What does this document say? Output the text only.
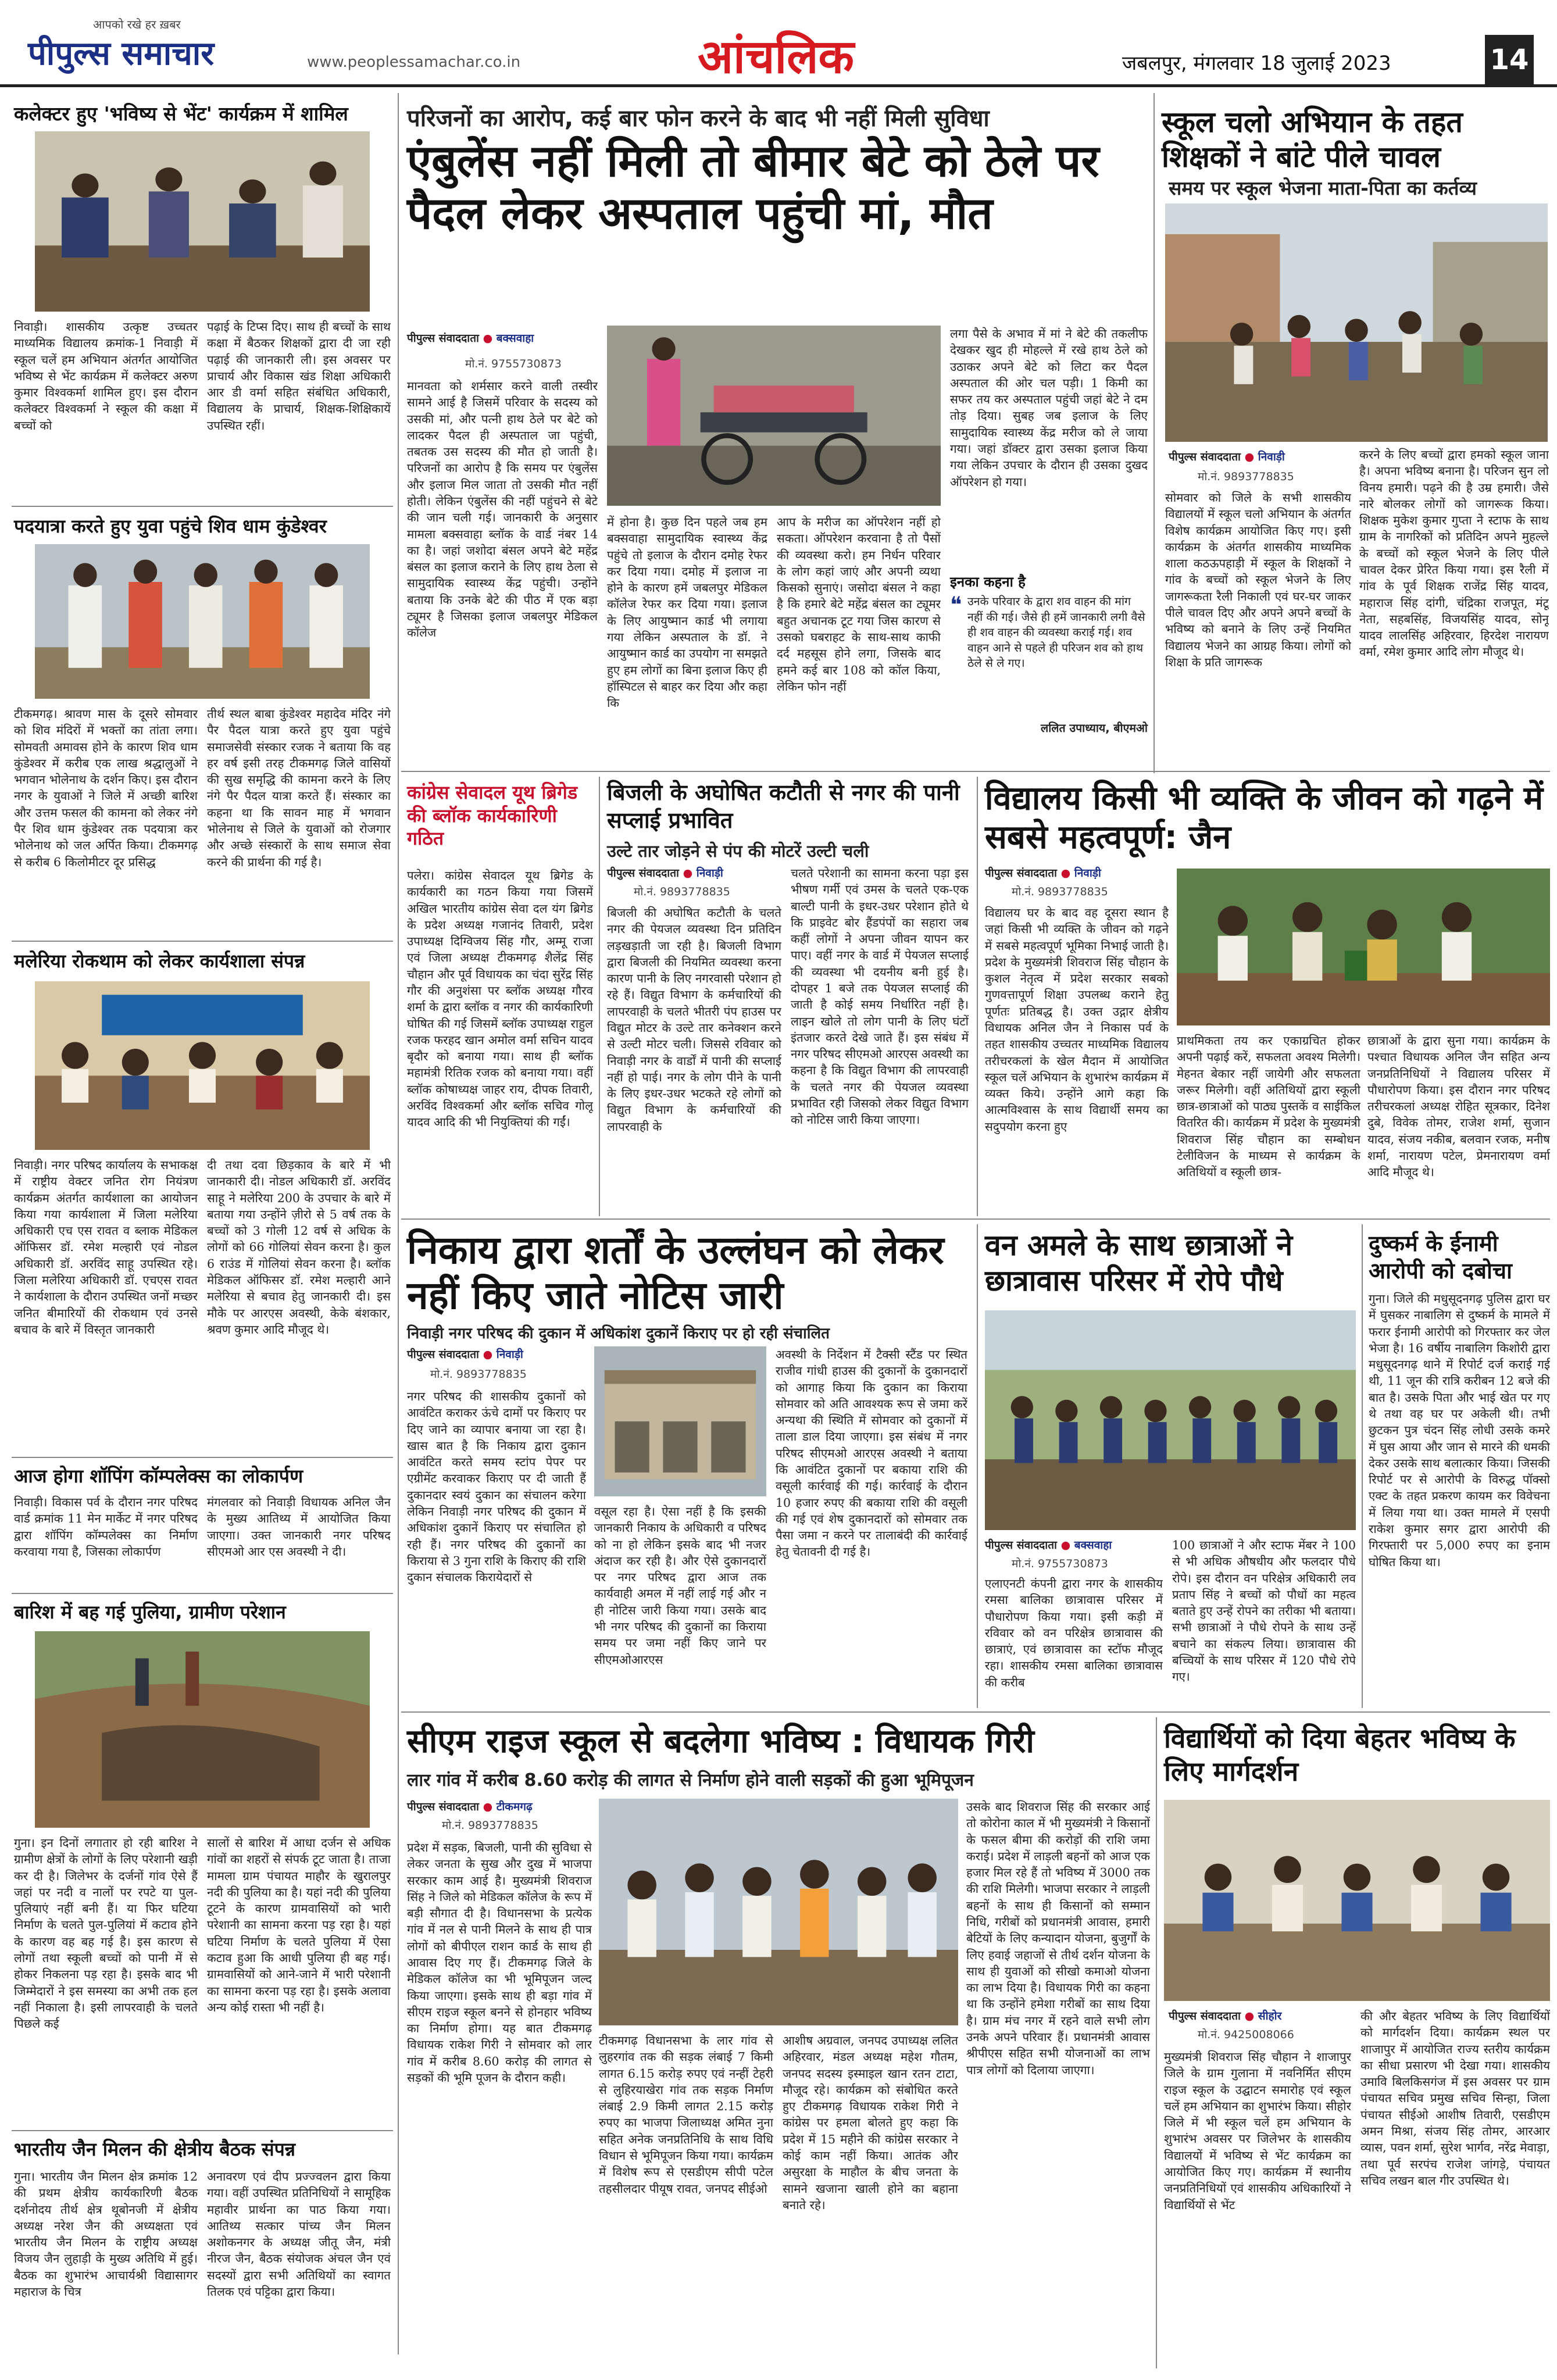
आपको रखे हर ख़बर
पीपुल्स समाचार	www.peoplessamachar.co.in	आंचलिक	जबलपुर, मंगलवार 18 जुलाई 2023	14
कलेक्टर हुए 'भविष्य से भेंट' कार्यक्रम में शामिल
निवाड़ी। शासकीय उत्कृष्ट उच्चतर माध्यमिक विद्यालय क्रमांक-1 निवाड़ी में स्कूल चलें हम अभियान अंतर्गत आयोजित भविष्य से भेंट कार्यक्रम में कलेक्टर अरुण कुमार विश्वकर्मा शामिल हुए। इस दौरान कलेक्टर विश्वकर्मा ने स्कूल की कक्षा में बच्चों को
पढ़ाई के टिप्स दिए। साथ ही बच्चों के साथ कक्षा में बैठकर शिक्षकों द्वारा दी जा रही पढ़ाई की जानकारी ली। इस अवसर पर प्राचार्य और विकास खंड शिक्षा अधिकारी आर डी वर्मा सहित संबंधित अधिकारी, विद्यालय के प्राचार्य, शिक्षक-शिक्षिकायें उपस्थित रहीं।
पदयात्रा करते हुए युवा पहुंचे शिव धाम कुंडेश्वर
टीकमगढ़। श्रावण मास के दूसरे सोमवार को शिव मंदिरों में भक्तों का तांता लगा। सोमवती अमावस होने के कारण शिव धाम कुंडेश्वर में करीब एक लाख श्रद्धालुओं ने भगवान भोलेनाथ के दर्शन किए। इस दौरान नगर के युवाओं ने जिले में अच्छी बारिश और उत्तम फसल की कामना को लेकर नंगे पैर शिव धाम कुंडेश्वर तक पदयात्रा कर भोलेनाथ को जल अर्पित किया। टीकमगढ़ से करीब 6 किलोमीटर दूर प्रसिद्ध
तीर्थ स्थल बाबा कुंडेश्वर महादेव मंदिर नंगे पैर पैदल यात्रा करते हुए युवा पहुंचे समाजसेवी संस्कार रजक ने बताया कि वह हर वर्ष इसी तरह टीकमगढ़ जिले वासियों की सुख समृद्धि की कामना करने के लिए नंगे पैर पैदल यात्रा करते हैं। संस्कार का कहना था कि सावन माह में भगवान भोलेनाथ से जिले के युवाओं को रोजगार और अच्छे संस्कारों के साथ समाज सेवा करने की प्रार्थना की गई है।
मलेरिया रोकथाम को लेकर कार्यशाला संपन्न
निवाड़ी। नगर परिषद कार्यालय के सभाकक्ष में राष्ट्रीय वेक्टर जनित रोग नियंत्रण कार्यक्रम अंतर्गत कार्यशाला का आयोजन किया गया कार्यशाला में जिला मलेरिया अधिकारी एच एस रावत व ब्लाक मेडिकल ऑफिसर डॉ. रमेश मल्हारी एवं नोडल अधिकारी डॉ. अरविंद साहू उपस्थित रहे। जिला मलेरिया अधिकारी डॉ. एचएस रावत ने कार्यशाला के दौरान उपस्थित जनों मच्छर जनित बीमारियों की रोकथाम एवं उनसे बचाव के बारे में विस्तृत जानकारी
दी तथा दवा छिड़काव के बारे में भी जानकारी दी। नोडल अधिकारी डॉ. अरविंद साहू ने मलेरिया 200 के उपचार के बारे में बताया गया उन्होंने ज़ीरो से 5 वर्ष तक के बच्चों को 3 गोली 12 वर्ष से अधिक के लोगों को 66 गोलियां सेवन करना है। कुल 6 राउंड में गोलियां सेवन करना है। ब्लॉक मेडिकल ऑफिसर डॉ. रमेश मल्हारी आने मलेरिया से बचाव हेतु जानकारी दी। इस मौके पर आरएस अवस्थी, केके बंशकार, श्रवण कुमार आदि मौजूद थे।
आज होगा शॉपिंग कॉम्पलेक्स का लोकार्पण
निवाड़ी। विकास पर्व के दौरान नगर परिषद वार्ड क्रमांक 11 मेन मार्केट में नगर परिषद द्वारा शॉपिंग कॉम्पलेक्स का निर्माण करवाया गया है, जिसका लोकार्पण
मंगलवार को निवाड़ी विधायक अनिल जैन के मुख्य आतिथ्य में आयोजित किया जाएगा। उक्त जानकारी नगर परिषद सीएमओ आर एस अवस्थी ने दी।
बारिश में बह गई पुलिया, ग्रामीण परेशान
गुना। इन दिनों लगातार हो रही बारिश ने ग्रामीण क्षेत्रों के लोगों के लिए परेशानी खड़ी कर दी है। जिलेभर के दर्जनों गांव ऐसे हैं जहां पर नदी व नालों पर रपटे या पुल-पुलियाएं नहीं बनी हैं। या फिर घटिया निर्माण के चलते पुल-पुलियां में कटाव होने के कारण वह बह गई है। इस कारण से लोगों तथा स्कूली बच्चों को पानी में से होकर निकलना पड़ रहा है। इसके बाद भी जिम्मेदारों ने इस समस्या का अभी तक हल नहीं निकाला है। इसी लापरवाही के चलते पिछले कई
सालों से बारिश में आधा दर्जन से अधिक गांवों का शहरों से संपर्क टूट जाता है। ताजा मामला ग्राम पंचायत माहौर के खुरालपुर नदी की पुलिया का है। यहां नदी की पुलिया टूटने के कारण ग्रामवासियों को भारी परेशानी का सामना करना पड़ रहा है। यहां घटिया निर्माण के चलते पुलिया में ऐसा कटाव हुआ कि आधी पुलिया ही बह गई। ग्रामवासियों को आने-जाने में भारी परेशानी का सामना करना पड़ रहा है। इसके अलावा अन्य कोई रास्ता भी नहीं है।
भारतीय जैन मिलन की क्षेत्रीय बैठक संपन्न
गुना। भारतीय जैन मिलन क्षेत्र क्रमांक 12 की प्रथम क्षेत्रीय कार्यकारिणी बैठक दर्शनोदय तीर्थ क्षेत्र थूबोनजी में क्षेत्रीय अध्यक्ष नरेश जैन की अध्यक्षता एवं भारतीय जैन मिलन के राष्ट्रीय अध्यक्ष विजय जैन लुहाड़ी के मुख्य अतिथि में हुई। बैठक का शुभारंभ आचार्यश्री विद्यासागर महाराज के चित्र
अनावरण एवं दीप प्रज्ज्वलन द्वारा किया गया। वहीं उपस्थित प्रतिनिधियों ने सामूहिक महावीर प्रार्थना का पाठ किया गया। आतिथ्य सत्कार पांच्य जैन मिलन अशोकनगर के अध्यक्ष जीतू जैन, मंत्री नीरज जैन, बैठक संयोजक अंचल जैन एवं सदस्यों द्वारा सभी अतिथियों का स्वागत तिलक एवं पट्टिका द्वारा किया।
परिजनों का आरोप, कई बार फोन करने के बाद भी नहीं मिली सुविधा
एंबुलेंस नहीं मिली तो बीमार बेटे को ठेले पर पैदल लेकर अस्पताल पहुंची मां, मौत
पीपुल्स संवाददाता ● बक्सवाहा
मो.नं. 9755730873
मानवता को शर्मसार करने वाली तस्वीर सामने आई है जिसमें परिवार के सदस्य को उसकी मां, और पत्नी हाथ ठेले पर बेटे को लादकर पैदल ही अस्पताल जा पहुंची, तबतक उस सदस्य की मौत हो जाती है। परिजनों का आरोप है कि समय पर एंबुलेंस और इलाज मिल जाता तो उसकी मौत नहीं होती। लेकिन एंबुलेंस की नहीं पहुंचने से बेटे की जान चली गई। जानकारी के अनुसार मामला बक्सवाहा ब्लॉक के वार्ड नंबर 14 का है। जहां जशोदा बंसल अपने बेटे महेंद्र बंसल का इलाज कराने के लिए हाथ ठेला से सामुदायिक स्वास्थ्य केंद्र पहुंची। उन्होंने बताया कि उनके बेटे की पीठ में एक बड़ा ट्यूमर है जिसका इलाज जबलपुर मेडिकल कॉलेज
में होना है। कुछ दिन पहले जब हम बक्सवाहा सामुदायिक स्वास्थ्य केंद्र पहुंचे तो इलाज के दौरान दमोह रेफर कर दिया गया। दमोह में इलाज ना होने के कारण हमें जबलपुर मेडिकल कॉलेज रेफर कर दिया गया। इलाज के लिए आयुष्मान कार्ड भी लगाया गया लेकिन अस्पताल के डॉ. ने आयुष्मान कार्ड का उपयोग ना समझते हुए हम लोगों का बिना इलाज किए ही हॉस्पिटल से बाहर कर दिया और कहा कि
आप के मरीज का ऑपरेशन नहीं हो सकता। ऑपरेशन करवाना है तो पैसों की व्यवस्था करो। हम निर्धन परिवार के लोग कहां जाएं और अपनी व्यथा किसको सुनाएं। जसोदा बंसल ने कहा है कि हमारे बेटे महेंद्र बंसल का ट्यूमर बहुत अचानक टूट गया जिस कारण से उसको घबराहट के साथ-साथ काफी दर्द महसूस होने लगा, जिसके बाद हमने कई बार 108 को कॉल किया, लेकिन फोन नहीं
लगा पैसे के अभाव में मां ने बेटे की तकलीफ देखकर खुद ही मोहल्ले में रखे हाथ ठेले को उठाकर अपने बेटे को लिटा कर पैदल अस्पताल की ओर चल पड़ी। 1 किमी का सफर तय कर अस्पताल पहुंची जहां बेटे ने दम तोड़ दिया। सुबह जब इलाज के लिए सामुदायिक स्वास्थ्य केंद्र मरीज को ले जाया गया। जहां डॉक्टर द्वारा उसका इलाज किया गया लेकिन उपचार के दौरान ही उसका दुखद ऑपरेशन हो गया।
इनका कहना है
❝ उनके परिवार के द्वारा शव वाहन की मांग नहीं की गई। जैसे ही हमें जानकारी लगी वैसे ही शव वाहन की व्यवस्था कराई गई। शव वाहन आने से पहले ही परिजन शव को हाथ ठेले से ले गए।
ललित उपाध्याय, बीएमओ
स्कूल चलो अभियान के तहत शिक्षकों ने बांटे पीले चावल
समय पर स्कूल भेजना माता-पिता का कर्तव्य
पीपुल्स संवाददाता ● निवाड़ी
मो.नं. 9893778835
सोमवार को जिले के सभी शासकीय विद्यालयों में स्कूल चलो अभियान के अंतर्गत विशेष कार्यक्रम आयोजित किए गए। इसी कार्यक्रम के अंतर्गत शासकीय माध्यमिक शाला कठऊपहाड़ी में स्कूल के शिक्षकों ने गांव के बच्चों को स्कूल भेजने के लिए जागरूकता रैली निकाली एवं घर-घर जाकर पीले चावल दिए और अपने अपने बच्चों के भविष्य को बनाने के लिए उन्हें नियमित विद्यालय भेजने का आग्रह किया। लोगों को शिक्षा के प्रति जागरूक
करने के लिए बच्चों द्वारा हमको स्कूल जाना है। अपना भविष्य बनाना है। परिजन सुन लो विनय हमारी। पढ़ने की है उम्र हमारी। जैसे नारे बोलकर लोगों को जागरूक किया। शिक्षक मुकेश कुमार गुप्ता ने स्टाफ के साथ ग्राम के नागरिकों को प्रतिदिन अपने मुहल्ले के बच्चों को स्कूल भेजने के लिए पीले चावल देकर प्रेरित किया गया। इस रैली में गांव के पूर्व शिक्षक राजेंद्र सिंह यादव, महाराज सिंह दांगी, चंद्रिका राजपूत, मंटू नेता, सहबसिंह, विजयसिंह यादव, सोनू यादव लालसिंह अहिरवार, हिरदेश नारायण वर्मा, रमेश कुमार आदि लोग मौजूद थे।
कांग्रेस सेवादल यूथ ब्रिगेड की ब्लॉक कार्यकारिणी गठित
पलेरा। कांग्रेस सेवादल यूथ ब्रिगेड के कार्यकारी का गठन किया गया जिसमें अखिल भारतीय कांग्रेस सेवा दल यंग ब्रिगेड के प्रदेश अध्यक्ष गजानंद तिवारी, प्रदेश उपाध्यक्ष दिग्विजय सिंह गौर, अम्मू राजा एवं जिला अध्यक्ष टीकमगढ़ शैलेंद्र सिंह चौहान और पूर्व विधायक का चंदा सुरेंद्र सिंह गौर की अनुशंसा पर ब्लॉक अध्यक्ष गौरव शर्मा के द्वारा ब्लॉक व नगर की कार्यकारिणी घोषित की गई जिसमें ब्लॉक उपाध्यक्ष राहुल रजक फरहद खान अमोल वर्मा सचिन यादव बृदौर को बनाया गया। साथ ही ब्लॉक महामंत्री रितिक रजक को बनाया गया। वहीं ब्लॉक कोषाध्यक्ष जाहर राय, दीपक तिवारी, अरविंद विश्वकर्मा और ब्लॉक सचिव गोलू यादव आदि की भी नियुक्तियां की गईं।
बिजली के अघोषित कटौती से नगर की पानी सप्लाई प्रभावित
उल्टे तार जोड़ने से पंप की मोटरें उल्टी चली
पीपुल्स संवाददाता ● निवाड़ी
मो.नं. 9893778835
बिजली की अघोषित कटौती के चलते नगर की पेयजल व्यवस्था दिन प्रतिदिन लड़खड़ाती जा रही है। बिजली विभाग द्वारा बिजली की नियमित व्यवस्था करना कारण पानी के लिए नगरवासी परेशान हो रहे हैं। विद्युत विभाग के कर्मचारियों की लापरवाही के चलते भीतरी पंप हाउस पर विद्युत मोटर के उल्टे तार कनेक्शन करने से उल्टी मोटर चली। जिससे रविवार को निवाड़ी नगर के वार्डों में पानी की सप्लाई नहीं हो पाई। नगर के लोग पीने के पानी के लिए इधर-उधर भटकते रहे लोगों को विद्युत विभाग के कर्मचारियों की लापरवाही के
चलते परेशानी का सामना करना पड़ा इस भीषण गर्मी एवं उमस के चलते एक-एक बाल्टी पानी के इधर-उधर परेशान होते थे कि प्राइवेट बोर हैंडपंपों का सहारा जब कहीं लोगों ने अपना जीवन यापन कर पाए। वहीं नगर के वार्ड में पेयजल सप्लाई की व्यवस्था भी दयनीय बनी हुई है। दोपहर 1 बजे तक पेयजल सप्लाई की जाती है कोई समय निर्धारित नहीं है। लाइन खोले तो लोग पानी के लिए घंटों इंतजार करते देखे जाते हैं। इस संबंध में नगर परिषद सीएमओ आरएस अवस्थी का कहना है कि विद्युत विभाग की लापरवाही के चलते नगर की पेयजल व्यवस्था प्रभावित रही जिसको लेकर विद्युत विभाग को नोटिस जारी किया जाएगा।
विद्यालय किसी भी व्यक्ति के जीवन को गढ़ने में सबसे महत्वपूर्ण: जैन
पीपुल्स संवाददाता ● निवाड़ी
मो.नं. 9893778835
विद्यालय घर के बाद वह दूसरा स्थान है जहां किसी भी व्यक्ति के जीवन को गढ़ने में सबसे महत्वपूर्ण भूमिका निभाई जाती है। प्रदेश के मुख्यमंत्री शिवराज सिंह चौहान के कुशल नेतृत्व में प्रदेश सरकार सबको गुणवत्तापूर्ण शिक्षा उपलब्ध कराने हेतु पूर्णतः प्रतिबद्ध है। उक्त उद्गार क्षेत्रीय विधायक अनिल जैन ने निकास पर्व के तहत शासकीय उच्चतर माध्यमिक विद्यालय तरीचरकलां के खेल मैदान में आयोजित स्कूल चलें अभियान के शुभारंभ कार्यक्रम में व्यक्त किये। उन्होंने आगे कहा कि आत्मविश्वास के साथ विद्यार्थी समय का सदुपयोग करना हुए
प्राथमिकता तय कर एकाग्रचित होकर अपनी पढ़ाई करें, सफलता अवश्य मिलेगी। मेहनत बेकार नहीं जायेगी और सफलता जरूर मिलेगी। वहीं अतिथियों द्वारा स्कूली छात्र-छात्राओं को पाठ्य पुस्तकें व साईकिल वितरित की। कार्यक्रम में प्रदेश के मुख्यमंत्री शिवराज सिंह चौहान का सम्बोधन टेलीविजन के माध्यम से कार्यक्रम के अतिथियों व स्कूली छात्र-
छात्राओं के द्वारा सुना गया। कार्यक्रम के पश्चात विधायक अनिल जैन सहित अन्य जनप्रतिनिधियों ने विद्यालय परिसर में पौधारोपण किया। इस दौरान नगर परिषद तरीचरकलां अध्यक्ष रोहित सूत्रकार, दिनेश दुबे, विवेक तोमर, राजेश शर्मा, सुजान यादव, संजय नकीब, बलवान रजक, मनीष शर्मा, नारायण पटेल, प्रेमनारायण वर्मा आदि मौजूद थे।
निकाय द्वारा शर्तों के उल्लंघन को लेकर नहीं किए जाते नोटिस जारी
निवाड़ी नगर परिषद की दुकान में अधिकांश दुकानें किराए पर हो रही संचालित
पीपुल्स संवाददाता ● निवाड़ी
मो.नं. 9893778835
नगर परिषद की शासकीय दुकानों को आवंटित कराकर ऊंचे दामों पर किराए पर दिए जाने का व्यापार बनाया जा रहा है। खास बात है कि निकाय द्वारा दुकान आवंटित करते समय स्टांप पेपर पर एग्रीमेंट करवाकर किराए पर दी जाती हैं दुकानदार स्वयं दुकान का संचालन करेगा लेकिन निवाड़ी नगर परिषद की दुकान में अधिकांश दुकानें किराए पर संचालित हो रही हैं। नगर परिषद की दुकानों का किराया से 3 गुना राशि के किराए की राशि दुकान संचालक किरायेदारों से
वसूल रहा है। ऐसा नहीं है कि इसकी जानकारी निकाय के अधिकारी व परिषद को ना हो लेकिन इसके बाद भी नजर अंदाज कर रही है। और ऐसे दुकानदारों पर नगर परिषद द्वारा आज तक कार्यवाही अमल में नहीं लाई गई और न ही नोटिस जारी किया गया। उसके बाद भी नगर परिषद की दुकानों का किराया समय पर जमा नहीं किए जाने पर सीएमओआरएस
अवस्थी के निर्देशन में टैक्सी स्टैंड पर स्थित राजीव गांधी हाउस की दुकानों के दुकानदारों को आगाह किया कि दुकान का किराया सोमवार को अति आवश्यक रूप से जमा करें अन्यथा की स्थिति में सोमवार को दुकानों में ताला डाल दिया जाएगा। इस संबंध में नगर परिषद सीएमओ आरएस अवस्थी ने बताया कि आवंटित दुकानों पर बकाया राशि की वसूली कार्रवाई की गई। कार्रवाई के दौरान 10 हजार रुपए की बकाया राशि की वसूली की गई एवं शेष दुकानदारों को सोमवार तक पैसा जमा न करने पर तालाबंदी की कार्रवाई हेतु चेतावनी दी गई है।
वन अमले के साथ छात्राओं ने छात्रावास परिसर में रोपे पौधे
पीपुल्स संवाददाता ● बक्सवाहा
मो.नं. 9755730873
एलाएनटी कंपनी द्वारा नगर के शासकीय रमसा बालिका छात्रावास परिसर में पौधारोपण किया गया। इसी कड़ी में रविवार को वन परिक्षेत्र छात्रावास की छात्राएं, एवं छात्रावास का स्टॉफ मौजूद रहा। शासकीय रमसा बालिका छात्रावास की करीब
100 छात्राओं ने और स्टाफ मेंबर ने 100 से भी अधिक औषधीय और फलदार पौधे रोपे। इस दौरान वन परिक्षेत्र अधिकारी लव प्रताप सिंह ने बच्चों को पौधों का महत्व बताते हुए उन्हें रोपने का तरीका भी बताया। सभी छात्राओं ने पौधे रोपने के साथ उन्हें बचाने का संकल्प लिया। छात्रावास की बच्चियों के साथ परिसर में 120 पौधे रोपे गए।
दुष्कर्म के ईनामी आरोपी को दबोचा
गुना। जिले की मधुसूदनगढ़ पुलिस द्वारा घर में घुसकर नाबालिग से दुष्कर्म के मामले में फरार ईनामी आरोपी को गिरफ्तार कर जेल भेजा है। 16 वर्षीय नाबालिग किशोरी द्वारा मधुसूदनगढ़ थाने में रिपोर्ट दर्ज कराई गई थी, 11 जून की रात्रि करीबन 12 बजे की बात है। उसके पिता और भाई खेत पर गए थे तथा वह घर पर अकेली थी। तभी छुटकन पुत्र चंदन सिंह लोधी उसके कमरे में घुस आया और जान से मारने की धमकी देकर उसके साथ बलात्कार किया। जिसकी रिपोर्ट पर से आरोपी के विरुद्ध पॉक्सो एक्ट के तहत प्रकरण कायम कर विवेचना में लिया गया था। उक्त मामले में एसपी राकेश कुमार सगर द्वारा आरोपी की गिरफ्तारी पर 5,000 रुपए का इनाम घोषित किया था।
सीएम राइज स्कूल से बदलेगा भविष्य : विधायक गिरी
लार गांव में करीब 8.60 करोड़ की लागत से निर्माण होने वाली सड़कों की हुआ भूमिपूजन
पीपुल्स संवाददाता ● टीकमगढ़
मो.नं. 9893778835
प्रदेश में सड़क, बिजली, पानी की सुविधा से लेकर जनता के सुख और दुख में भाजपा सरकार काम आई है। मुख्यमंत्री शिवराज सिंह ने जिले को मेडिकल कॉलेज के रूप में बड़ी सौगात दी है। विधानसभा के प्रत्येक गांव में नल से पानी मिलने के साथ ही पात्र लोगों को बीपीएल राशन कार्ड के साथ ही आवास दिए गए हैं। टीकमगढ़ जिले के मेडिकल कॉलेज का भी भूमिपूजन जल्द किया जाएगा। इसके साथ ही बड़ा गांव में सीएम राइज स्कूल बनने से होनहार भविष्य का निर्माण होगा। यह बात टीकमगढ़ विधायक राकेश गिरी ने सोमवार को लार गांव में करीब 8.60 करोड़ की लागत से सड़कों की भूमि पूजन के दौरान कही।
टीकमगढ़ विधानसभा के लार गांव से लुहरगांव तक की सड़क लंबाई 7 किमी लागत 6.15 करोड़ रुपए एवं नन्हीं टेहरी से लुहिरयाखेरा गांव तक सड़क निर्माण लंबाई 2.9 किमी लागत 2.15 करोड़ रुपए का भाजपा जिलाध्यक्ष अमित नुना सहित अनेक जनप्रतिनिधि के साथ विधि विधान से भूमिपूजन किया गया। कार्यक्रम में विशेष रूप से एसडीएम सीपी पटेल तहसीलदार पीयूष रावत, जनपद सीईओ
आशीष अग्रवाल, जनपद उपाध्यक्ष ललित अहिरवार, मंडल अध्यक्ष महेश गौतम, जनपद सदस्य इस्माइल खान रतन टाटा, मौजूद रहे। कार्यक्रम को संबोधित करते हुए टीकमगढ़ विधायक राकेश गिरी ने कांग्रेस पर हमला बोलते हुए कहा कि प्रदेश में 15 महीने की कांग्रेस सरकार ने कोई काम नहीं किया। आतंक और असुरक्षा के माहौल के बीच जनता के सामने खजाना खाली होने का बहाना बनाते रहे।
उसके बाद शिवराज सिंह की सरकार आई तो कोरोना काल में भी मुख्यमंत्री ने किसानों के फसल बीमा की करोड़ों की राशि जमा कराई। प्रदेश में लाड़ली बहनों को आज एक हजार मिल रहे हैं तो भविष्य में 3000 तक की राशि मिलेगी। भाजपा सरकार ने लाड़ली बहनों के साथ ही किसानों को सम्मान निधि, गरीबों को प्रधानमंत्री आवास, हमारी बेटियों के लिए कन्यादान योजना, बुजुर्गों के लिए हवाई जहाजों से तीर्थ दर्शन योजना के साथ ही युवाओं को सीखो कमाओ योजना का लाभ दिया है। विधायक गिरी का कहना था कि उन्होंने हमेशा गरीबों का साथ दिया है। ग्राम मंच नगर में रहने वाले सभी लोग उनके अपने परिवार हैं। प्रधानमंत्री आवास श्रीपीएस सहित सभी योजनाओं का लाभ पात्र लोगों को दिलाया जाएगा।
विद्यार्थियों को दिया बेहतर भविष्य के लिए मार्गदर्शन
पीपुल्स संवाददाता ● सीहोर
मो.नं. 9425008066
मुख्यमंत्री शिवराज सिंह चौहान ने शाजापुर जिले के ग्राम गुलाना में नवनिर्मित सीएम राइज स्कूल के उद्घाटन समारोह एवं स्कूल चलें हम अभियान का शुभारंभ किया। सीहोर जिले में भी स्कूल चलें हम अभियान के शुभारंभ अवसर पर जिलेभर के शासकीय विद्यालयों में भविष्य से भेंट कार्यक्रम का आयोजित किए गए। कार्यक्रम में स्थानीय जनप्रतिनिधियों एवं शासकीय अधिकारियों ने विद्यार्थियों से भेंट
की और बेहतर भविष्य के लिए विद्यार्थियों को मार्गदर्शन दिया। कार्यक्रम स्थल पर शाजापुर में आयोजित राज्य स्तरीय कार्यक्रम का सीधा प्रसारण भी देखा गया। शासकीय उमावि बिलकिसगंज में इस अवसर पर ग्राम पंचायत सचिव प्रमुख सचिव सिन्हा, जिला पंचायत सीईओ आशीष तिवारी, एसडीएम अमन मिश्रा, संजय सिंह तोमर, आरआर व्यास, पवन शर्मा, सुरेश भार्गव, नरेंद्र मेवाड़ा, तथा पूर्व सरपंच राजेश जांगड़े, पंचायत सचिव लखन बाल गीर उपस्थित थे।
